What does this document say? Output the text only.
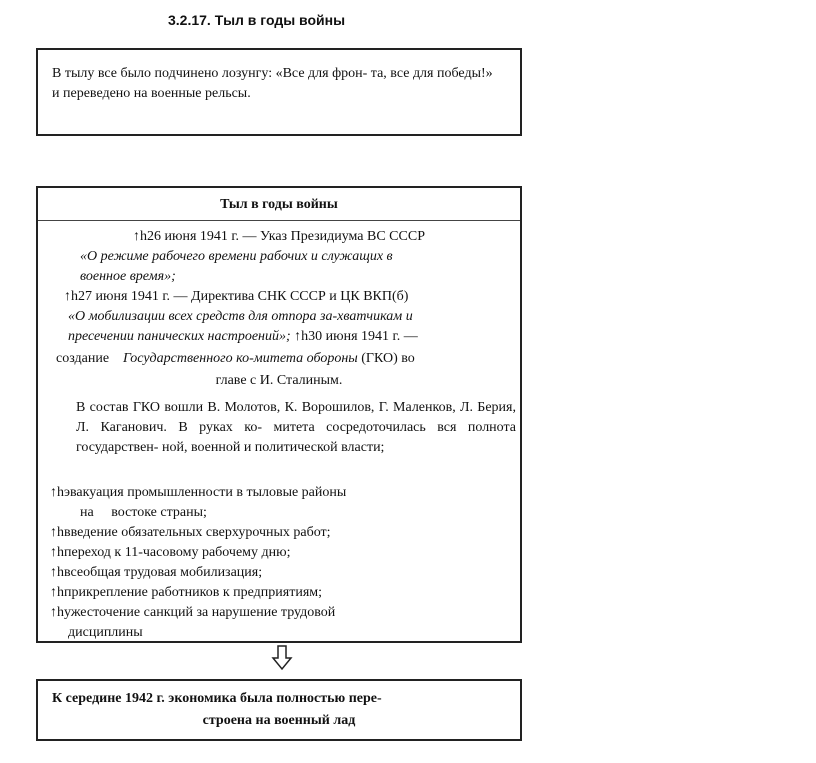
3.2.17. Тыл в годы войны
В тылу все было подчинено лозунгу: «Все для фрон- та, все для победы!» и переведено на военные рельсы.
Тыл в годы войны
↑h26 июня 1941 г. — Указ Президиума ВС СССР
«О режиме рабочего времени рабочих и служащих в
военное время»;
↑h27 июня 1941 г. — Директива СНК СССР и ЦК ВКП(б)
«О мобилизации всех средств для отпора за-хватчикам и
пресечении панических настроений»; ↑h30 июня 1941 г. —
создание    Государственного ко-митета обороны (ГКО) во
главе с И. Сталиным.
В состав ГКО вошли В. Молотов, К. Ворошилов, Г. Маленков, Л. Берия, Л. Каганович. В руках ко- митета сосредоточилась вся полнота государствен- ной, военной и политической власти;
↑hэвакуация промышленности в тыловые районы
на     востоке страны;
↑hвведение обязательных сверхурочных работ;
↑hпереход к 11-часовому рабочему дню;
↑hвсеобщая трудовая мобилизация;
↑hприкрепление работников к предприятиям;
↑hужесточение санкций за нарушение трудовой
дисциплины
К середине 1942 г. экономика была полностью пере-
строена на военный лад
